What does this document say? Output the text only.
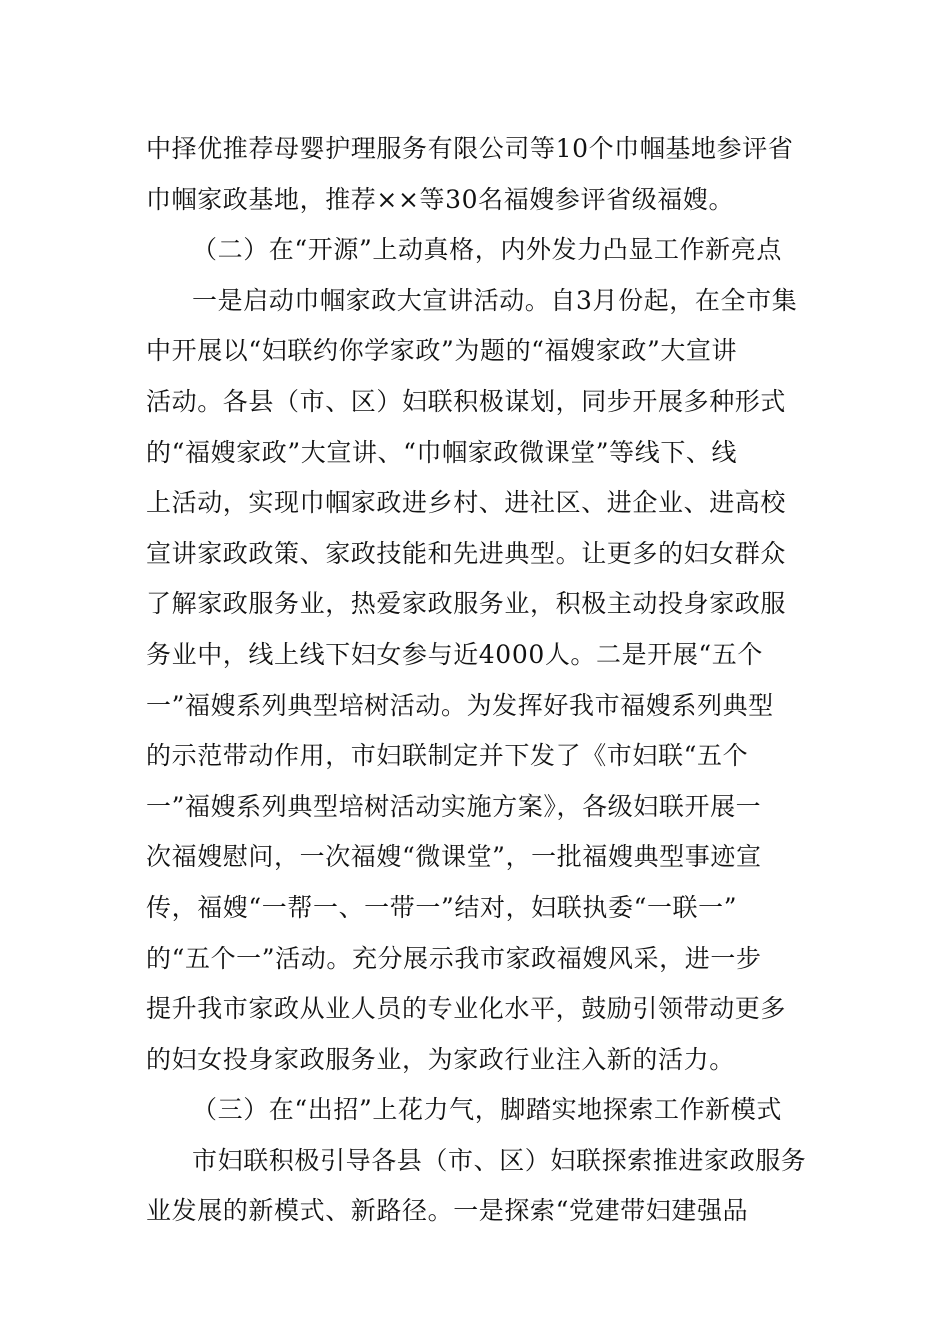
中择优推荐母婴护理服务有限公司等10个巾帼基地参评省
巾帼家政基地，推荐××等30名福嫂参评省级福嫂。
（二）在“开源”上动真格，内外发力凸显工作新亮点
一是启动巾帼家政大宣讲活动。自3月份起，在全市集
中开展以“妇联约你学家政”为题的“福嫂家政”大宣讲
活动。各县（市、区）妇联积极谋划，同步开展多种形式
的“福嫂家政”大宣讲、“巾帼家政微课堂”等线下、线
上活动，实现巾帼家政进乡村、进社区、进企业、进高校
宣讲家政政策、家政技能和先进典型。让更多的妇女群众
了解家政服务业，热爱家政服务业，积极主动投身家政服
务业中，线上线下妇女参与近4000人。二是开展“五个
一”福嫂系列典型培树活动。为发挥好我市福嫂系列典型
的示范带动作用，市妇联制定并下发了《市妇联“五个
一”福嫂系列典型培树活动实施方案》，各级妇联开展一
次福嫂慰问，一次福嫂“微课堂”，一批福嫂典型事迹宣
传，福嫂“一帮一、一带一”结对，妇联执委“一联一”
的“五个一”活动。充分展示我市家政福嫂风采，进一步
提升我市家政从业人员的专业化水平，鼓励引领带动更多
的妇女投身家政服务业，为家政行业注入新的活力。
（三）在“出招”上花力气，脚踏实地探索工作新模式
市妇联积极引导各县（市、区）妇联探索推进家政服务
业发展的新模式、新路径。一是探索“党建带妇建强品
